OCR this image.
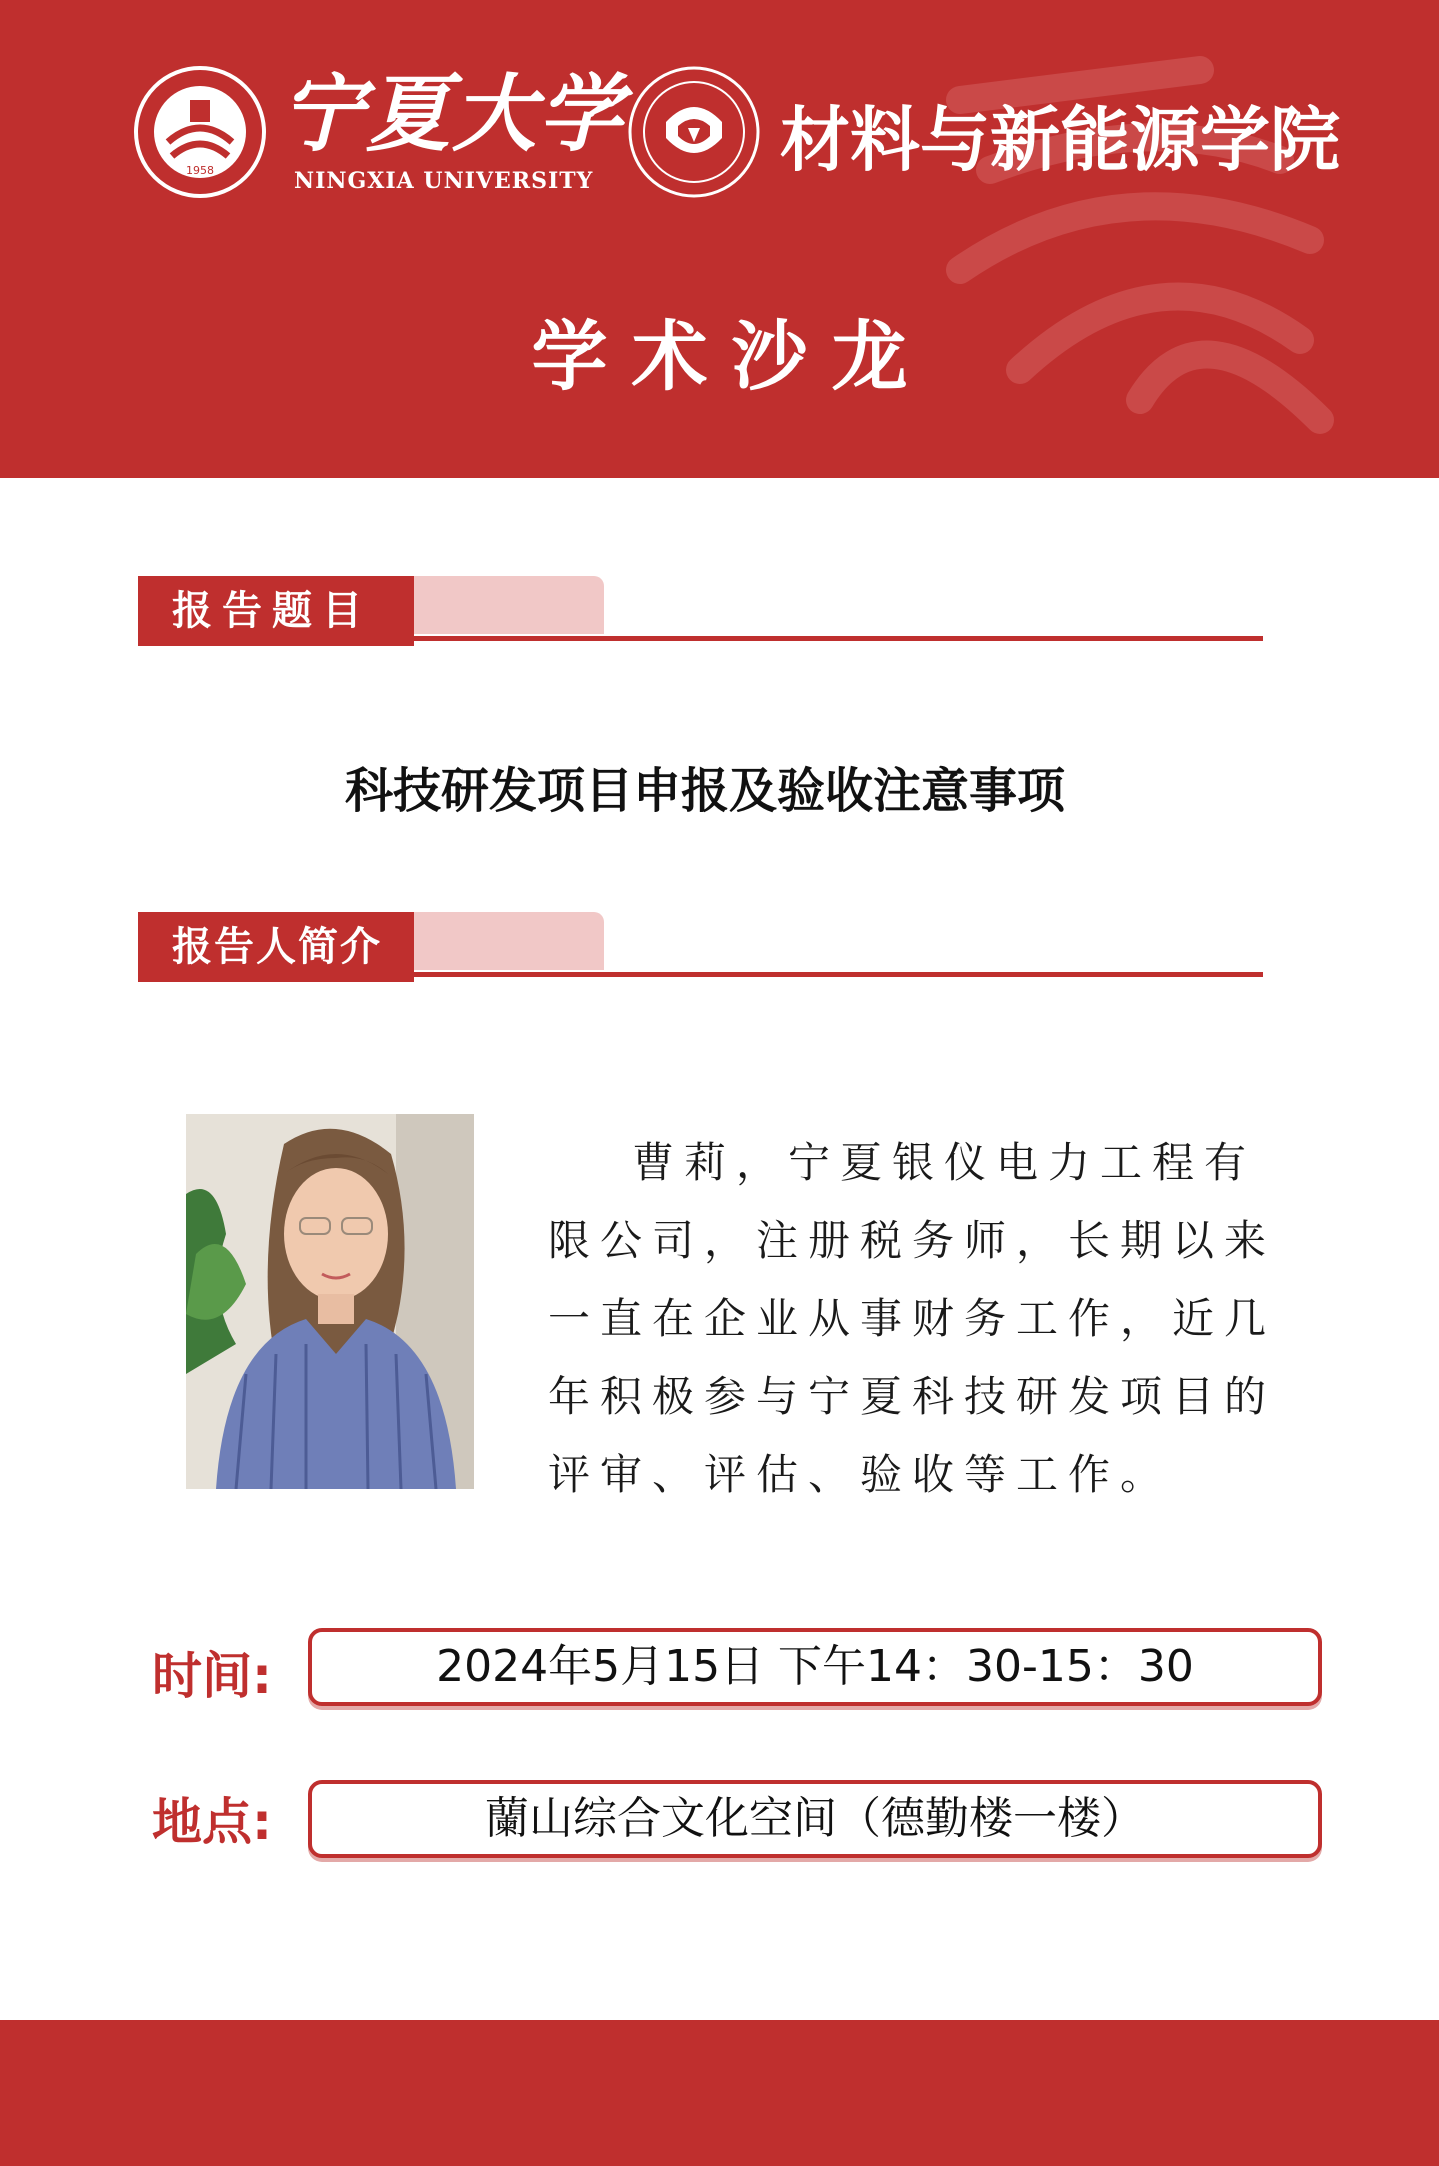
1958
宁夏大学
NINGXIA UNIVERSITY	材料与新能源学院
学术沙龙
报告题目
科技研发项目申报及验收注意事项
报告人简介
曹莉，宁夏银仪电力工程有限公司，注册税务师，长期以来一直在企业从事财务工作，近几年积极参与宁夏科技研发项目的评审、评估、验收等工作。
时间:	2024年5月15日 下午14：30-15：30
地点:	蘭山综合文化空间（德勤楼一楼）
